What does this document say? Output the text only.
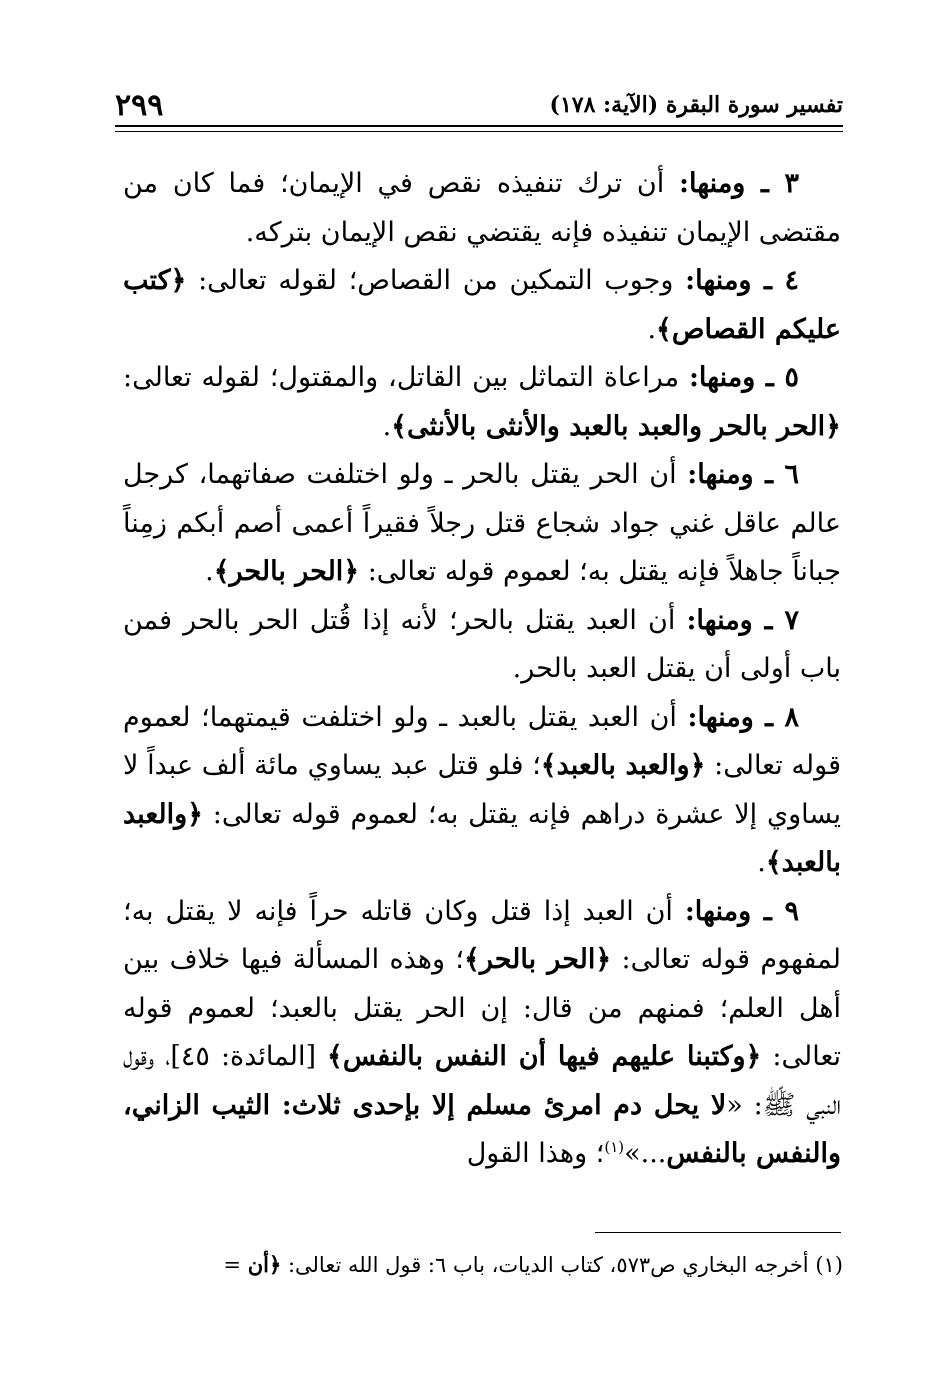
تفسير سورة البقرة (الآية: ١٧٨)
٢٩٩

٣ ـ ومنها: أن ترك تنفيذه نقص في الإيمان؛ فما كان من مقتضى الإيمان تنفيذه فإنه يقتضي نقص الإيمان بتركه.

٤ ـ ومنها: وجوب التمكين من القصاص؛ لقوله تعالى: ﴿كتب عليكم القصاص﴾.

٥ ـ ومنها: مراعاة التماثل بين القاتل، والمقتول؛ لقوله تعالى: ﴿الحر بالحر والعبد بالعبد والأنثى بالأنثى﴾.

٦ ـ ومنها: أن الحر يقتل بالحر ـ ولو اختلفت صفاتهما، كرجل عالم عاقل غني جواد شجاع قتل رجلاً فقيراً أعمى أصم أبكم زمِناً جباناً جاهلاً فإنه يقتل به؛ لعموم قوله تعالى: ﴿الحر بالحر﴾.

٧ ـ ومنها: أن العبد يقتل بالحر؛ لأنه إذا قُتل الحر بالحر فمن باب أولى أن يقتل العبد بالحر.

٨ ـ ومنها: أن العبد يقتل بالعبد ـ ولو اختلفت قيمتهما؛ لعموم قوله تعالى: ﴿والعبد بالعبد﴾؛ فلو قتل عبد يساوي مائة ألف عبداً لا يساوي إلا عشرة دراهم فإنه يقتل به؛ لعموم قوله تعالى: ﴿والعبد بالعبد﴾.

٩ ـ ومنها: أن العبد إذا قتل وكان قاتله حراً فإنه لا يقتل به؛ لمفهوم قوله تعالى: ﴿الحر بالحر﴾؛ وهذه المسألة فيها خلاف بين أهل العلم؛ فمنهم من قال: إن الحر يقتل بالعبد؛ لعموم قوله تعالى: ﴿وكتبنا عليهم فيها أن النفس بالنفس﴾ [المائدة: ٤٥]، وقول النبي ﷺ: «لا يحل دم امرئ مسلم إلا بإحدى ثلاث: الثيب الزاني، والنفس بالنفس...»$^{(١)}$؛ وهذا القول

(١) أخرجه البخاري ص٥٧٣، كتاب الديات، باب ٦: قول الله تعالى: ﴿أن =
